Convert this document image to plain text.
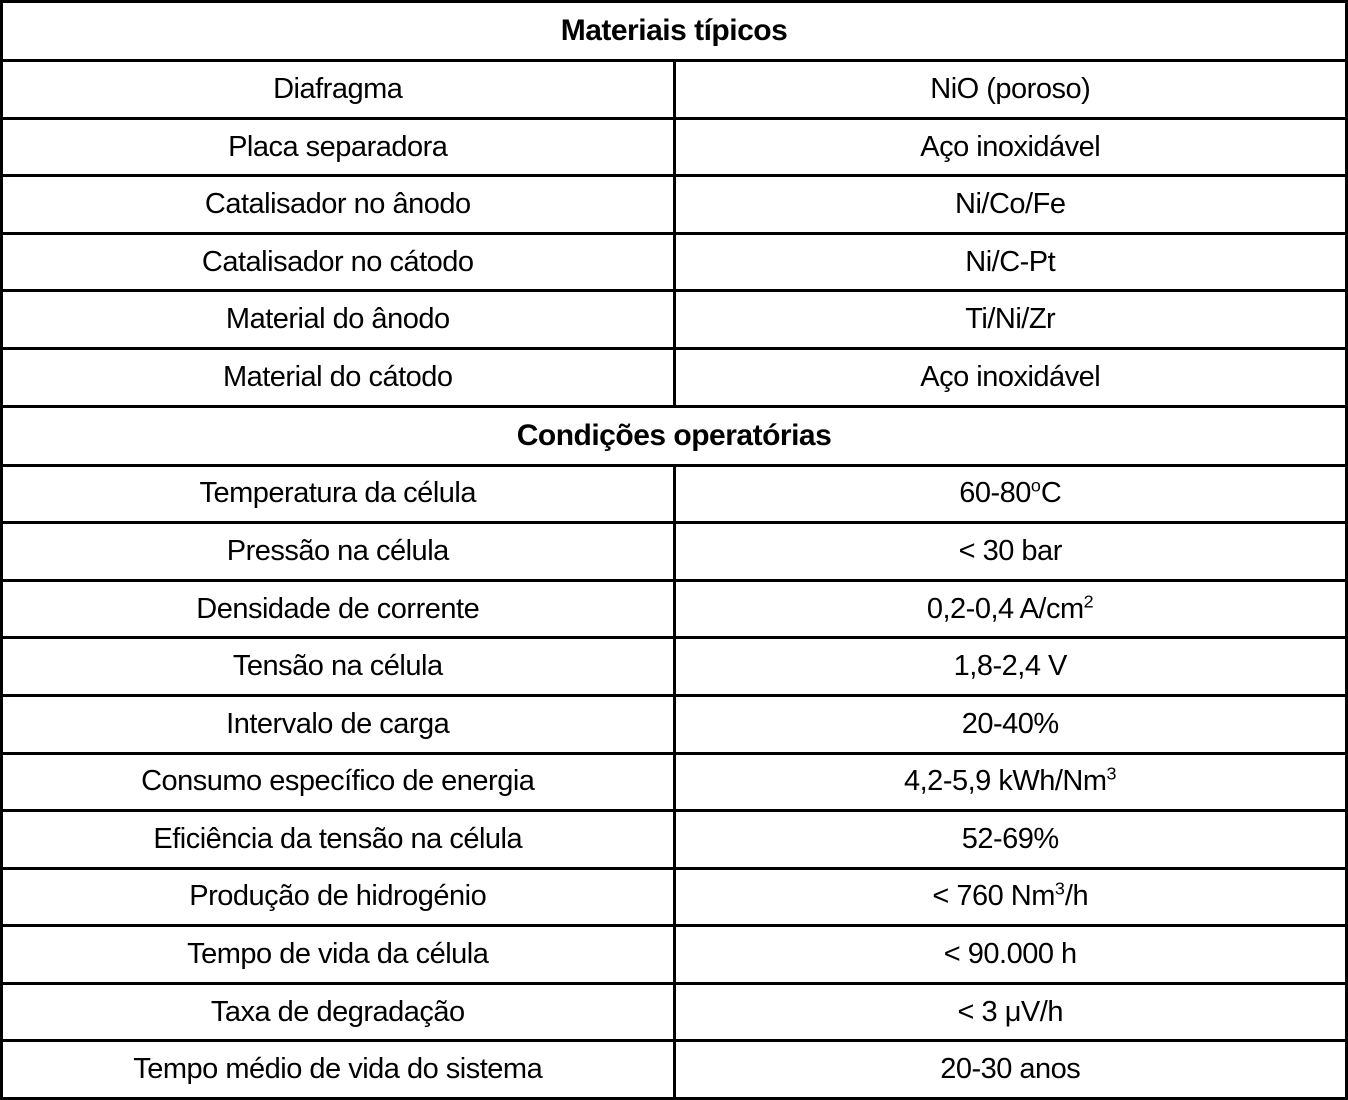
Materiais típicos	
Diafragma	NiO (poroso)
Placa separadora	Aço inoxidável
Catalisador no ânodo	Ni/Co/Fe
Catalisador no cátodo	Ni/C-Pt
Material do ânodo	Ti/Ni/Zr
Material do cátodo	Aço inoxidável
Condições operatórias	
Temperatura da célula	60-80$^o$C
Pressão na célula	< 30 bar
Densidade de corrente	0,2-0,4 $A/cm^2$
Tensão na célula	1,8-2,4 V
Intervalo de carga	20-40%
Consumo específico de energia	4,2-5,9 kWh/Nm$^3$
Eficiência da tensão na célula	52-69%
Produção de hidrogénio	< 760 Nm$^3$/h
Tempo de vida da célula	< 90.000 h
Taxa de degradação	< 3 μV/h
Tempo médio de vida do sistema	20-30 anos
